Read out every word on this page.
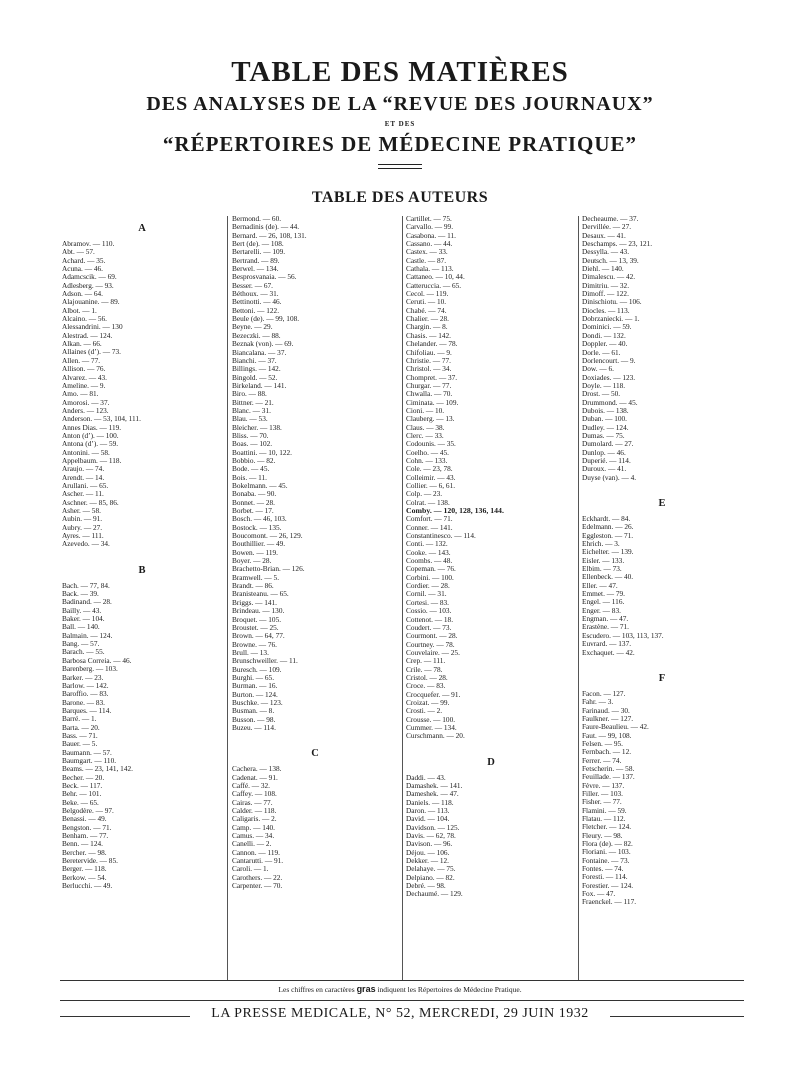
TABLE DES MATIÈRES
DES ANALYSES DE LA “REVUE DES JOURNAUX”
ET DES
“RÉPERTOIRES DE MÉDECINE PRATIQUE”
TABLE DES AUTEURS
A
Abramov. — 110.
Abt. — 57.
Achard. — 35.
Acuna. — 46.
Adamcscik. — 69.
Adlesberg. — 93.
Adson. — 64.
Alajouanine. — 89.
Albot. — 1.
Alcaino. — 56.
Alessandrini. — 130
Alestrad. — 124.
Alkan. — 66.
Allaines (d’). — 73.
Allen. — 77.
Allison. — 76.
Alvarez. — 43.
Ameline. — 9.
Amo. — 81.
Amorosi. — 37.
Anders. — 123.
Anderson. — 53, 104, 111.
Annes Dias. — 119.
Anton (d’). — 100.
Antona (d’). — 59.
Antonini. — 58.
Appelbaum. — 118.
Araujo. — 74.
Arendt. — 14.
Arullani. — 65.
Ascher. — 11.
Aschner. — 85, 86.
Asher. — 58.
Aubin. — 91.
Aubry. — 27.
Ayres. — 111.
Azevedo. — 34.
B
Bach. — 77, 84.
Back. — 39.
Badinand. — 28.
Bailly. — 43.
Baker. — 104.
Ball. — 140.
Balmain. — 124.
Bang. — 57.
Barach. — 55.
Barbosa Correia. — 46.
Barenberg. — 103.
Barker. — 23.
Barlow. — 142.
Baroffio. — 83.
Barone. — 83.
Barques. — 114.
Barré. — 1.
Barta. — 20.
Bass. — 71.
Bauer. — 5.
Baumann. — 57.
Baumgart. — 110.
Beams. — 23, 141, 142.
Becher. — 20.
Beck. — 117.
Behr. — 101.
Beke. — 65.
Belgodère. — 97.
Benassi. — 49.
Bengston. — 71.
Benham. — 77.
Benn. — 124.
Bercher. — 98.
Beretervide. — 85.
Berger. — 118.
Berkow. — 54.
Berlucchi. — 49.
Bermond. — 60.
Bernadinis (de). — 44.
Bernard. — 26, 108, 131.
Bert (de). — 108.
Bertarelli. — 109.
Bertrand. — 89.
Berwel. — 134.
Besprosvanaia. — 56.
Besser. — 67.
Béthoux. — 31.
Bettinotti. — 46.
Bettoni. — 122.
Beule (de). — 99, 108.
Beyne. — 29.
Bezeczki. — 88.
Beznak (von). — 69.
Biancalana. — 37.
Bianchi. — 37.
Billings. — 142.
Bingold. — 52.
Birkeland. — 141.
Biro. — 88.
Bittner. — 21.
Blanc. — 31.
Blau. — 53.
Bleicher. — 138.
Bliss. — 70.
Boas. — 102.
Boattini. — 10, 122.
Bobbio. — 82.
Bode. — 45.
Bois. — 11.
Bokelmann. — 45.
Bonaba. — 90.
Bonnet. — 28.
Borbet. — 17.
Bosch. — 46, 103.
Bostock. — 135.
Boucomont. — 26, 129.
Bouthillier. — 49.
Bowen. — 119.
Boyer. — 28.
Brachetto-Brian. — 126.
Bramwell. — 5.
Brandt. — 86.
Branisteanu. — 65.
Briggs. — 141.
Brindeau. — 130.
Broquet. — 105.
Broustet. — 25.
Brown. — 64, 77.
Browne. — 76.
Brull. — 13.
Brunschweiller. — 11.
Buresch. — 109.
Burghi. — 65.
Burman. — 16.
Burton. — 124.
Buschke. — 123.
Busman. — 8.
Busson. — 98.
Buzeu. — 114.
C
Cachera. — 138.
Cadenat. — 91.
Caffé. — 32.
Caffey. — 108.
Cairas. — 77.
Calder. — 118.
Caligaris. — 2.
Camp. — 140.
Camus. — 34.
Canelli. — 2.
Cannon. — 119.
Cantarutti. — 91.
Caroli. — 1.
Carothers. — 22.
Carpenter. — 70.
Cartillet. — 75.
Carvallo. — 99.
Casabona. — 11.
Cassano. — 44.
Castex. — 33.
Castle. — 87.
Cathala. — 113.
Cattaneo. — 10, 44.
Catteruccia. — 65.
Cecol. — 119.
Ceruti. — 10.
Chabé. — 74.
Chalier. — 28.
Chargin. — 8.
Chasis. — 142.
Chelander. — 78.
Chifoliau. — 9.
Christie. — 77.
Christol. — 34.
Chompret. — 37.
Churgar. — 77.
Chwalla. — 70.
Ciminata. — 109.
Cioni. — 10.
Clauberg. — 13.
Claus. — 38.
Clerc. — 33.
Codounis. — 35.
Coelho. — 45.
Cohn. — 133.
Cole. — 23, 78.
Colleimir. — 43.
Collier. — 6, 61.
Colp. — 23.
Colrat. — 138.
Comby. — 120, 128, 136, 144.
Comfort. — 71.
Conner. — 141.
Constantinesco. — 114.
Conti. — 132.
Cooke. — 143.
Coombs. — 48.
Copeman. — 76.
Corbini. — 100.
Cordier. — 28.
Cornil. — 31.
Cortesi. — 83.
Cossio. — 103.
Cottenot. — 18.
Coudert. — 73.
Courmont. — 28.
Courtney. — 78.
Couvelaire. — 25.
Crep. — 111.
Crile. — 78.
Cristol. — 28.
Croce. — 83.
Crocquefer. — 91.
Croizat. — 99.
Crosti. — 2.
Crousse. — 100.
Cummer. — 134.
Curschmann. — 20.
D
Daddi. — 43.
Damashek. — 141.
Dameshek. — 47.
Daniels. — 118.
Daron. — 113.
David. — 104.
Davidson. — 125.
Davis. — 62, 78.
Davison. — 96.
Déjou. — 106.
Dekker. — 12.
Delahaye. — 75.
Delpiano. — 82.
Debré. — 98.
Dechaumé. — 129.
Decheaume. — 37.
Dervillée. — 27.
Desaux. — 41.
Deschamps. — 23, 121.
Dessylla. — 43.
Deutsch. — 13, 39.
Diehl. — 140.
Dimalescu. — 42.
Dimitriu. — 32.
Dimoff. — 122.
Dinischiotu. — 106.
Diocles. — 113.
Dobrzaniecki. — 1.
Dominici. — 59.
Dondi. — 132.
Doppler. — 40.
Dorle. — 61.
Dorlencourt. — 9.
Dow. — 6.
Doxiades. — 123.
Doyle. — 118.
Drost. — 50.
Drummond. — 45.
Dubois. — 138.
Duban. — 100.
Dudley. — 124.
Dumas. — 75.
Dumolard. — 27.
Dunlop. — 46.
Duperié. — 114.
Duroux. — 41.
Duyse (van). — 4.
E
Eckhardt. — 84.
Edelmann. — 26.
Eggleston. — 71.
Ehrich. — 3.
Eichelter. — 139.
Eisler. — 133.
Elbim. — 73.
Ellenbeck. — 40.
Eller. — 47.
Emmet. — 79.
Engel. — 116.
Enger. — 83.
Engman. — 47.
Erastène. — 71.
Escudero. — 103, 113, 137.
Euvrard. — 137.
Exchaquet. — 42.
F
Facon. — 127.
Fahr. — 3.
Farinaud. — 30.
Faulkner. — 127.
Faure-Beaulieu. — 42.
Faut. — 99, 108.
Felsen. — 95.
Fernbach. — 12.
Ferrer. — 74.
Fetscherin. — 58.
Feuillade. — 137.
Fèvre. — 137.
Filler. — 103.
Fisher. — 77.
Flamini. — 59.
Flatau. — 112.
Fletcher. — 124.
Fleury. — 98.
Flora (de). — 82.
Floriani. — 103.
Fontaine. — 73.
Fontes. — 74.
Foresti. — 114.
Forestier. — 124.
Fox. — 47.
Fraenckel. — 117.
Les chiffres en caractères gras indiquent les Répertoires de Médecine Pratique.
LA PRESSE MEDICALE, N° 52, MERCREDI, 29 JUIN 1932
